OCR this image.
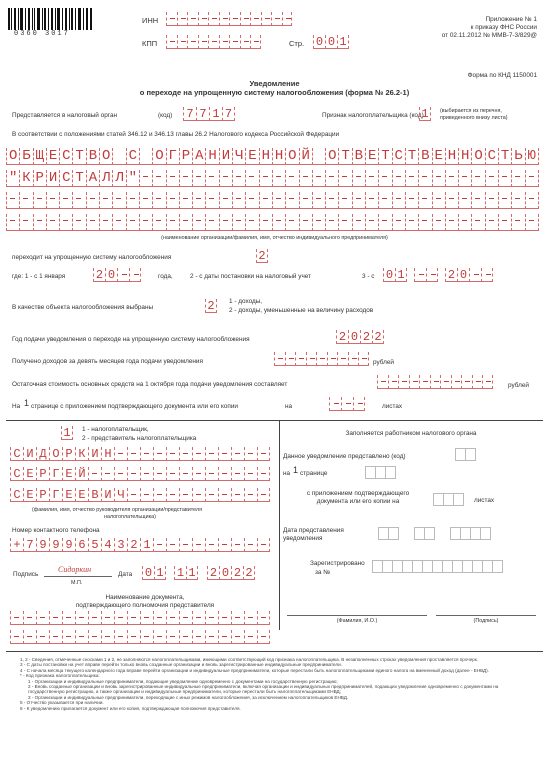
0360 3017
ИНН
КПП	Стр. 0 0 1
Приложение № 1
к приказу ФНС России
от 02.11.2012 № ММВ-7-3/829@
Форма по КНД 1150001
Уведомление
о переходе на упрощенную систему налогообложения (форма № 26.2-1)
Представляется в налоговый орган	(код) 7 7 1 7	Признак налогоплательщика (код)
1	(выбирается из перечня,
приведенного внизу листа)
В соответствии с положениями статей 346.12 и 346.13 главы 26.2 Налогового кодекса Российской Федерации
О Б Щ Е С Т В О С О Г Р А Н И Ч Е Н Н О Й О Т В Е Т С Т В Е Н Н О С Т Ь Ю
" К Р И С Т А Л Л "
(наименование организации/фамилия, имя, отчество индивидуального предпринимателя)
переходит на упрощенную систему налогообложения	2
где: 1 - с 1 января	2 0	года,	2 - с даты постановки на налоговый учет	3 - с 0 1	2 0
В качестве объекта налогообложения выбраны	2	1 - доходы,
2 - доходы, уменьшенные на величину расходов
Год подачи уведомления о переходе на упрощенную систему налогообложения	2 0 2 2
Получено доходов за девять месяцев года подачи уведомления	рублей
Остаточная стоимость основных средств на 1 октября года подачи уведомления составляет	рублей
На 1 странице с приложением подтверждающего документа или его копии	на	листах
1	1 - налогоплательщик,
2 - представитель налогоплательщика
С И Д О Р К И Н
С Е Р Г Е Й
С Е Р Г Е Е В И Ч
(фамилия, имя, отчество руководителя организации/представителя
налогоплательщика)
Номер контактного телефона
+ 7 9 9 9 6 5 4 3 2 1
Подпись
Сидоркин
М.П.
Дата 0 1 1 1 2 0 2 2
Наименование документа,
подтверждающего полномочия представителя
Заполняется работником налогового органа
Данное уведомление представлено (код)
на 1 странице
с приложением подтверждающего
документа или его копии на	листах
Дата представления
уведомления
Зарегистрировано
за №
(Фамилия, И.О.)	(Подпись)
1, 2 - Сведения, отмеченные сносками 1 и 2, не заполняются налогоплательщиками, имеющими соответствующий код признака налогоплательщика. В незаполненных строках уведомления проставляется прочерк.
3 - С даты постановки на учет вправе перейти только вновь созданные организации и вновь зарегистрированные индивидуальные предприниматели.
4 - С начала месяца текущего календарного года вправе перейти организации и индивидуальные предприниматели, которые перестали быть налогоплательщиками единого налога на вмененный доход (далее - ЕНВД).
* - Код признака налогоплательщика:
1 - Организации и индивидуальные предприниматели, подающие уведомление одновременно с документами на государственную регистрацию;
2 - Вновь созданные организации и вновь зарегистрированные индивидуальные предприниматели, включая организации и индивидуальных предпринимателей, подающих уведомление одновременно с документами на государственную регистрацию, а также организации и индивидуальные предприниматели, которые перестали быть налогоплательщиками ЕНВД;
3 - Организации и индивидуальные предприниматели, переходящие с иных режимов налогообложения, за исключением налогоплательщиков ЕНВД.
5 - Отчество указывается при наличии.
6 - К уведомлению прилагается документ или его копия, подтверждающая полномочия представителя.
